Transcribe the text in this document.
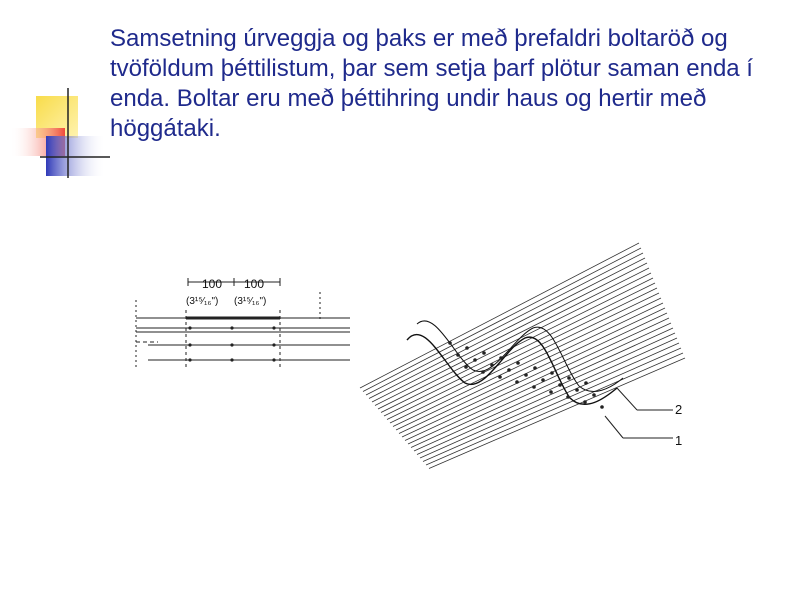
Samsetning úrveggja og þaks er með þrefaldri boltaröð og tvöföldum þéttilistum, þar sem setja þarf plötur saman enda í enda. Boltar eru með þéttihring undir haus og hertir með höggátaki.

100 100
(3¹⁵⁄₁₆") (3¹⁵⁄₁₆")
2
1
